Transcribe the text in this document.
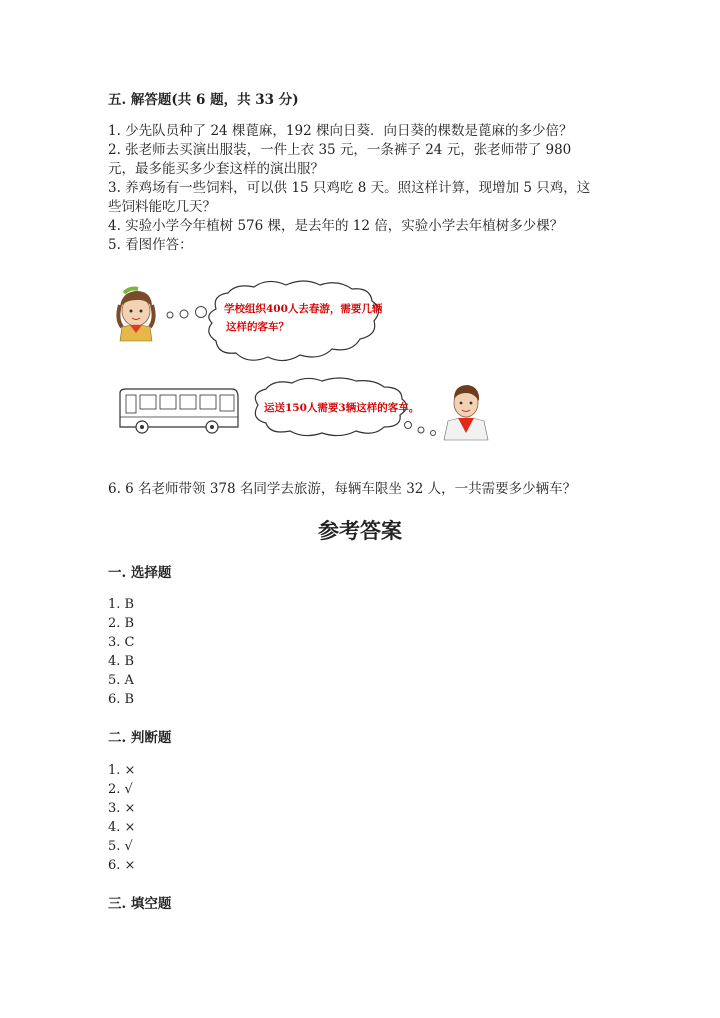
五. 解答题(共 6 题，共 33 分)
1. 少先队员种了 24 棵蓖麻，192 棵向日葵．向日葵的棵数是蓖麻的多少倍？
2. 张老师去买演出服装，一件上衣 35 元，一条裤子 24 元，张老师带了 980
元，最多能买多少套这样的演出服？
3. 养鸡场有一些饲料，可以供 15 只鸡吃 8 天。照这样计算，现增加 5 只鸡，这
些饲料能吃几天？
4. 实验小学今年植树 576 棵，是去年的 12 倍，实验小学去年植树多少棵？
5. 看图作答：
学校组织400人去春游，需要几辆
这样的客车？
运送150人需要3辆这样的客车。
6. 6 名老师带领 378 名同学去旅游，每辆车限坐 32 人，一共需要多少辆车？
参考答案
一. 选择题
1. B
2. B
3. C
4. B
5. A
6. B
二. 判断题
1. ×
2. √
3. ×
4. ×
5. √
6. ×
三. 填空题
